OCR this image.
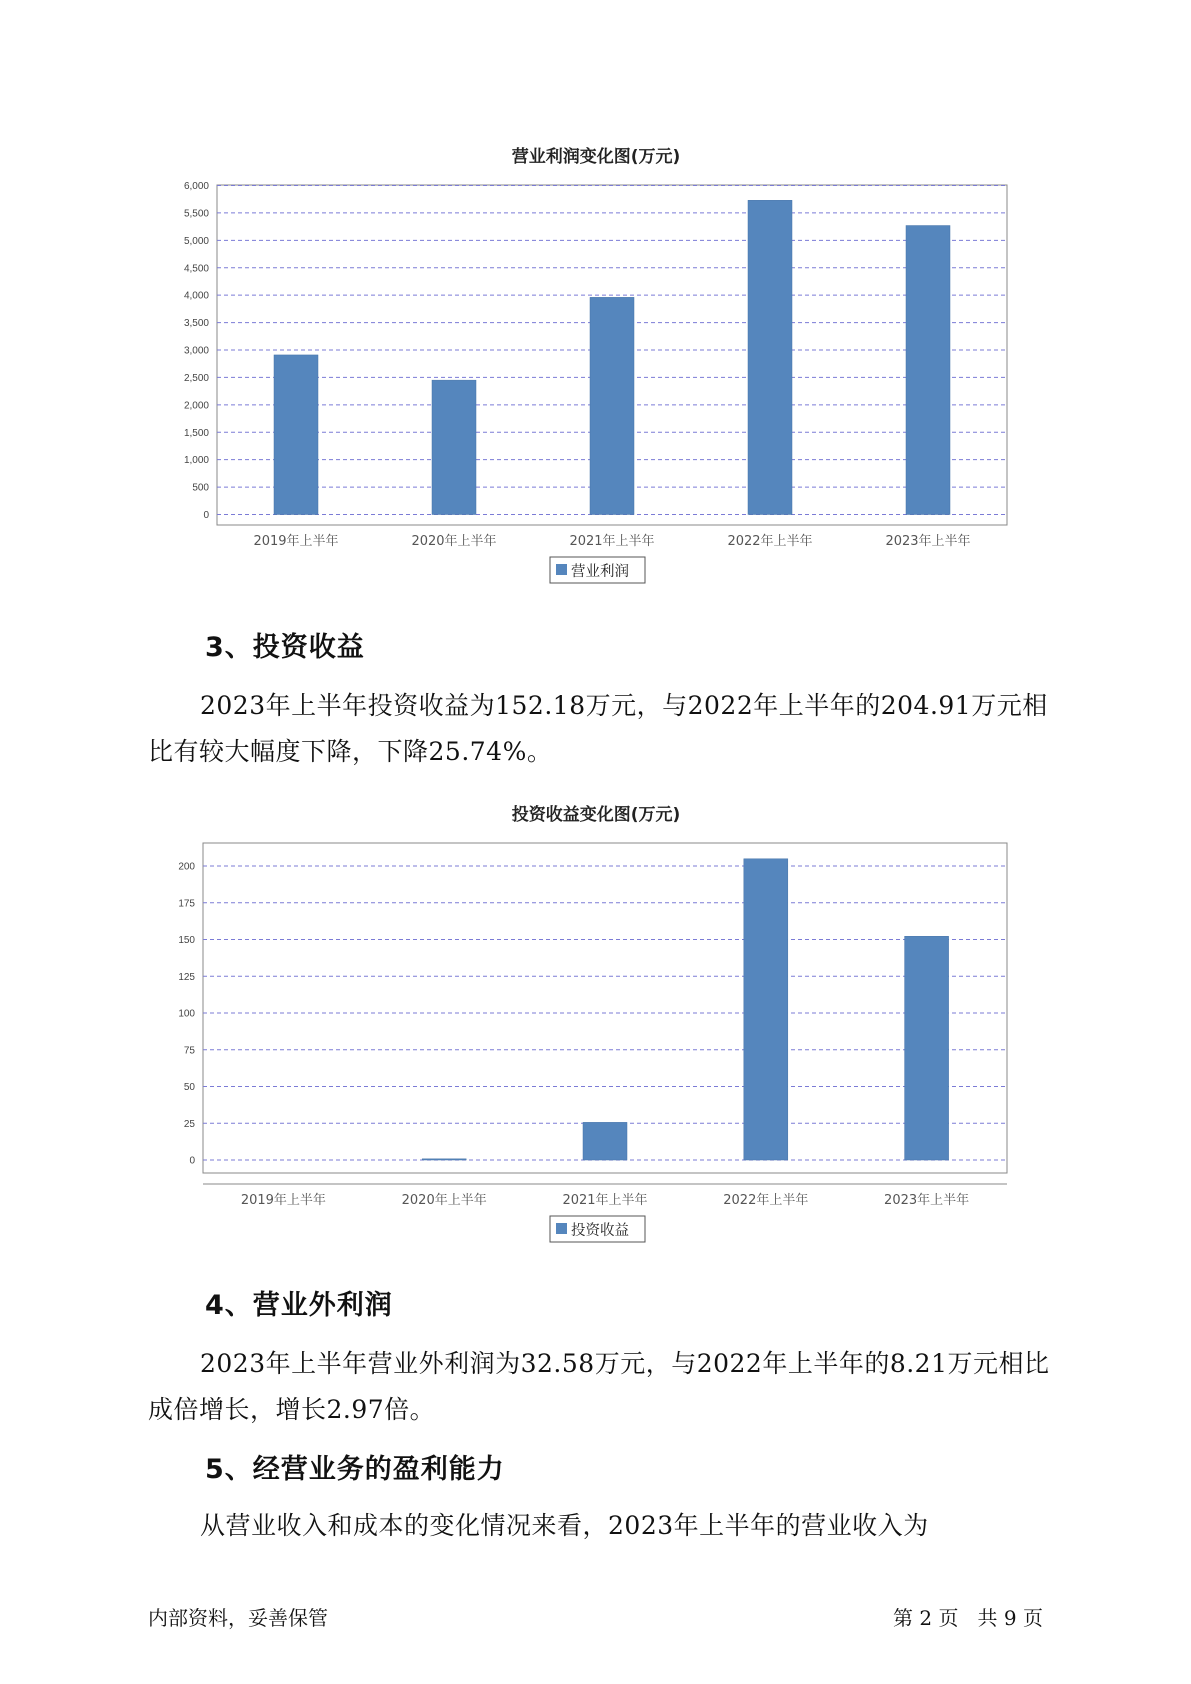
营业利润变化图(万元)
0
500
1,000
1,500
2,000
2,500
3,000
3,500
4,000
4,500
5,000
5,500
6,000
2019年上半年	2020年上半年	2021年上半年	2022年上半年	2023年上半年
营业利润
3、投资收益

2023年上半年投资收益为152.18万元，与2022年上半年的204.91万元相比有较大幅度下降，下降25.74%。

投资收益变化图(万元)
0
25
50
75
100
125
150
175
200
2019年上半年	2020年上半年	2021年上半年	2022年上半年	2023年上半年
投资收益
4、营业外利润

2023年上半年营业外利润为32.58万元，与2022年上半年的8.21万元相比成倍增长，增长2.97倍。

5、经营业务的盈利能力

从营业收入和成本的变化情况来看，2023年上半年的营业收入为

内部资料，妥善保管	第 2 页   共 9 页
